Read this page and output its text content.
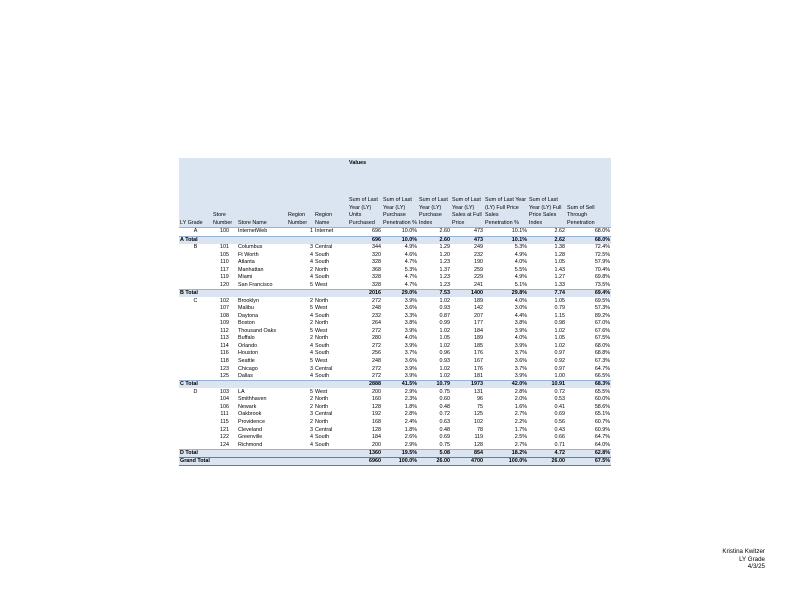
					Values						
LY Grade	Store Number	Store Name	Region Number	Region Name	Sum of Last Year (LY) Units Purchased	Sum of Last Year (LY) Purchase Penetration %	Sum of Last Year (LY) Purchase Index	Sum of Last Year (LY) Sales at Full Price	Sum of Last Year (LY) Full Price Sales Penetration %	Sum of Last Year (LY) Full Price Sales Index	Sum of Sell Through Penetration
A	100	InternetWeb	1	Internet	696	10.0%	2.60	473	10.1%	2.62	68.0%
A Total					696	10.0%	2.60	473	10.1%	2.62	68.0%
B	101	Columbus	3	Central	344	4.9%	1.29	249	5.3%	1.38	72.4%
	105	Ft Worth	4	South	320	4.6%	1.20	232	4.9%	1.28	72.5%
	110	Atlanta	4	South	328	4.7%	1.23	190	4.0%	1.05	57.9%
	117	Manhattan	2	North	368	5.3%	1.37	259	5.5%	1.43	70.4%
	119	Miami	4	South	328	4.7%	1.23	229	4.9%	1.27	69.8%
	120	San Francisco	5	West	328	4.7%	1.23	241	5.1%	1.33	73.5%
B Total					2016	29.0%	7.53	1400	29.8%	7.74	69.4%
C	102	Brooklyn	2	North	272	3.9%	1.02	189	4.0%	1.05	69.5%
	107	Malibu	5	West	248	3.6%	0.93	142	3.0%	0.79	57.3%
	108	Daytona	4	South	232	3.3%	0.87	207	4.4%	1.15	89.2%
	109	Boston	2	North	264	3.8%	0.99	177	3.8%	0.98	67.0%
	112	Thousand Oaks	5	West	272	3.9%	1.02	184	3.9%	1.02	67.6%
	113	Buffalo	2	North	280	4.0%	1.05	189	4.0%	1.05	67.5%
	114	Orlando	4	South	272	3.9%	1.02	185	3.9%	1.02	68.0%
	116	Houston	4	South	256	3.7%	0.96	176	3.7%	0.97	68.8%
	118	Seattle	5	West	248	3.6%	0.93	167	3.6%	0.92	67.3%
	123	Chicago	3	Central	272	3.9%	1.02	176	3.7%	0.97	64.7%
	125	Dallas	4	South	272	3.9%	1.02	181	3.9%	1.00	66.5%
C Total					2888	41.5%	10.79	1973	42.0%	10.91	68.3%
D	103	LA	5	West	200	2.9%	0.75	131	2.8%	0.72	65.5%
	104	Smithhaven	2	North	160	2.3%	0.60	96	2.0%	0.53	60.0%
	106	Newark	2	North	128	1.8%	0.48	75	1.6%	0.41	58.6%
	111	Oakbrook	3	Central	192	2.8%	0.72	125	2.7%	0.69	65.1%
	115	Providence	2	North	168	2.4%	0.63	102	2.2%	0.56	60.7%
	121	Cleveland	3	Central	128	1.8%	0.48	78	1.7%	0.43	60.9%
	122	Greenville	4	South	184	2.6%	0.69	119	2.5%	0.66	64.7%
	124	Richmond	4	South	200	2.9%	0.75	128	2.7%	0.71	64.0%
D Total					1360	19.5%	5.08	854	18.2%	4.72	62.8%
Grand Total					6960	100.0%	26.00	4700	100.0%	26.00	67.5%
Kristina Kwitzer
LY Grade
4/3/25
